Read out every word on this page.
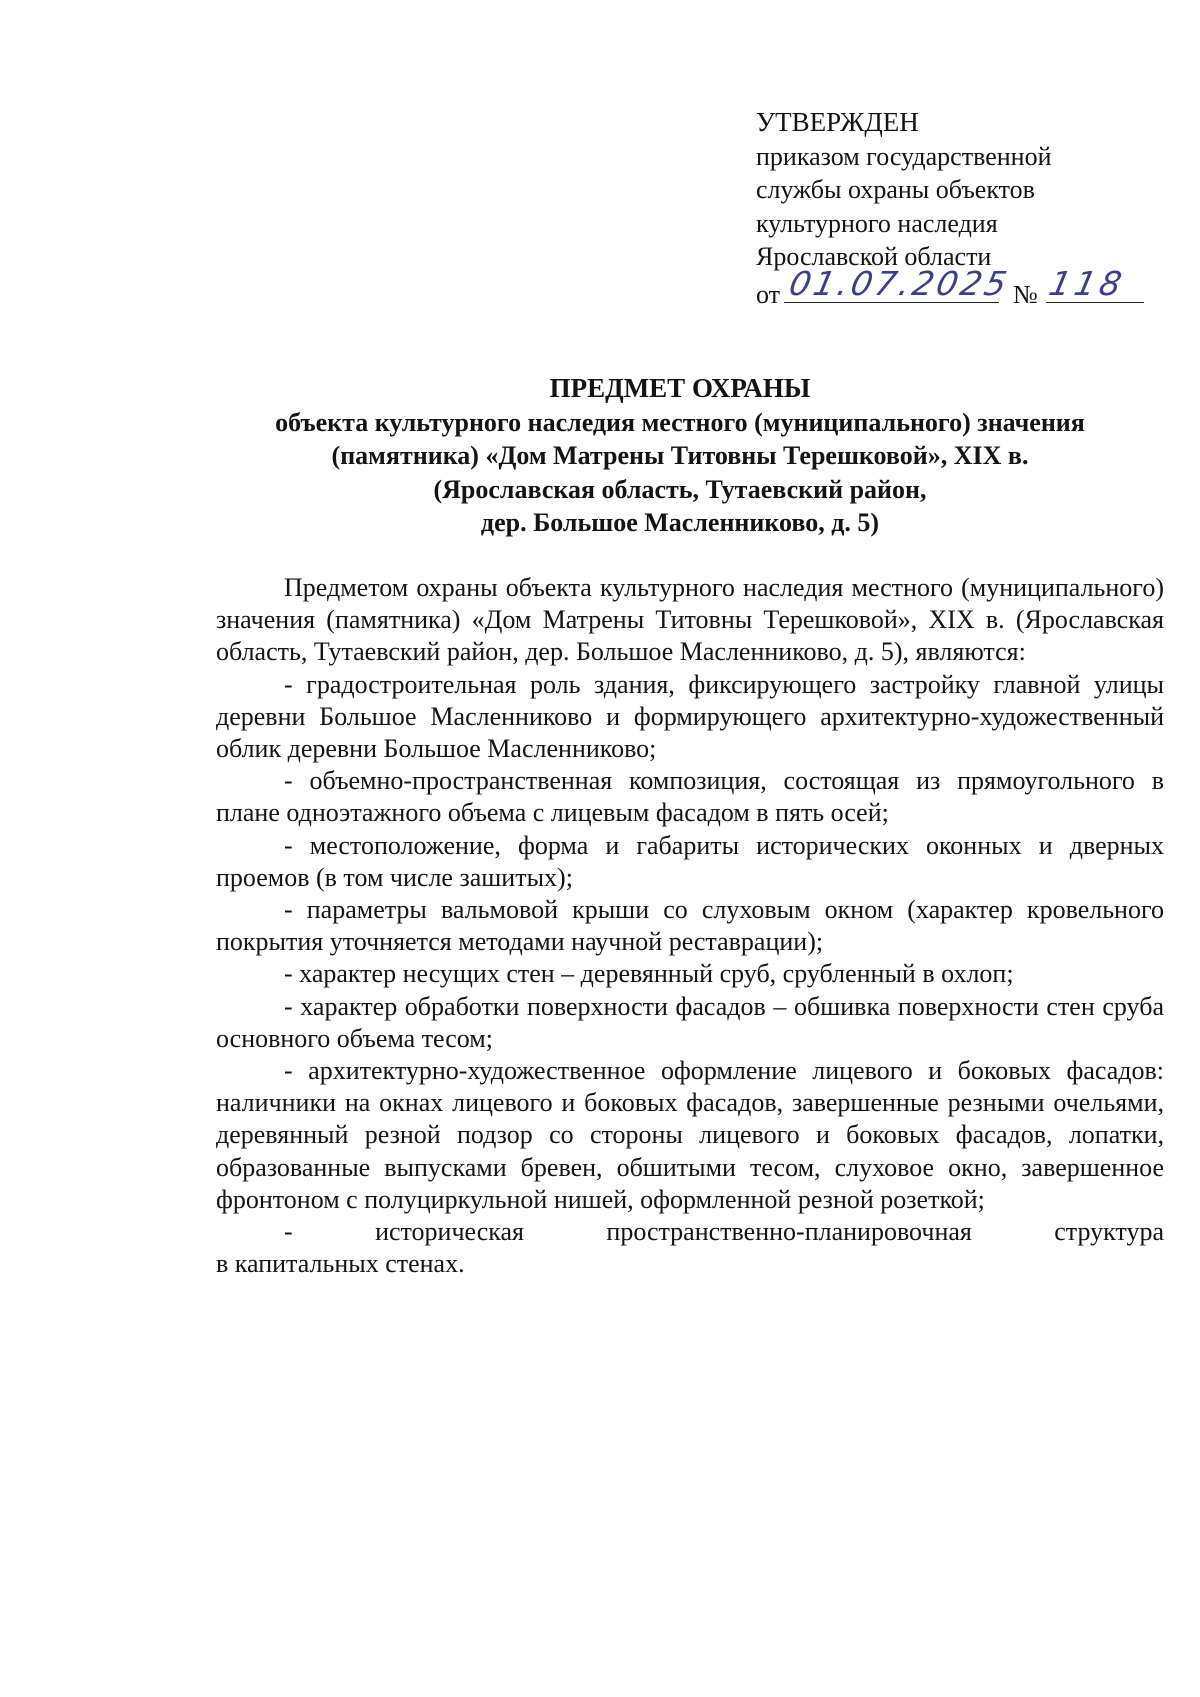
УТВЕРЖДЕН
приказом государственной
службы охраны объектов
культурного наследия
Ярославской области
от 01.07.2025 № 118
ПРЕДМЕТ ОХРАНЫ
объекта культурного наследия местного (муниципального) значения
(памятника) «Дом Матрены Титовны Терешковой», XIX в.
(Ярославская область, Тутаевский район,
дер. Большое Масленниково, д. 5)

Предметом охраны объекта культурного наследия местного (муниципального) значения (памятника) «Дом Матрены Титовны Терешковой», XIX в. (Ярославская область, Тутаевский район, дер. Большое Масленниково, д. 5), являются:

- градостроительная роль здания, фиксирующего застройку главной улицы деревни Большое Масленниково и формирующего архитектурно-художественный облик деревни Большое Масленниково;

- объемно-пространственная композиция, состоящая из прямоугольного в плане одноэтажного объема с лицевым фасадом в пять осей;

- местоположение, форма и габариты исторических оконных и дверных проемов (в том числе зашитых);

- параметры вальмовой крыши со слуховым окном (характер кровельного покрытия уточняется методами научной реставрации);

- характер несущих стен – деревянный сруб, срубленный в охлоп;

- характер обработки поверхности фасадов – обшивка поверхности стен сруба основного объема тесом;

- архитектурно-художественное оформление лицевого и боковых фасадов: наличники на окнах лицевого и боковых фасадов, завершенные резными очельями, деревянный резной подзор со стороны лицевого и боковых фасадов, лопатки, образованные выпусками бревен, обшитыми тесом, слуховое окно, завершенное фронтоном с полуциркульной нишей, оформленной резной розеткой;

- историческая пространственно-планировочная структура

в капитальных стенах.
